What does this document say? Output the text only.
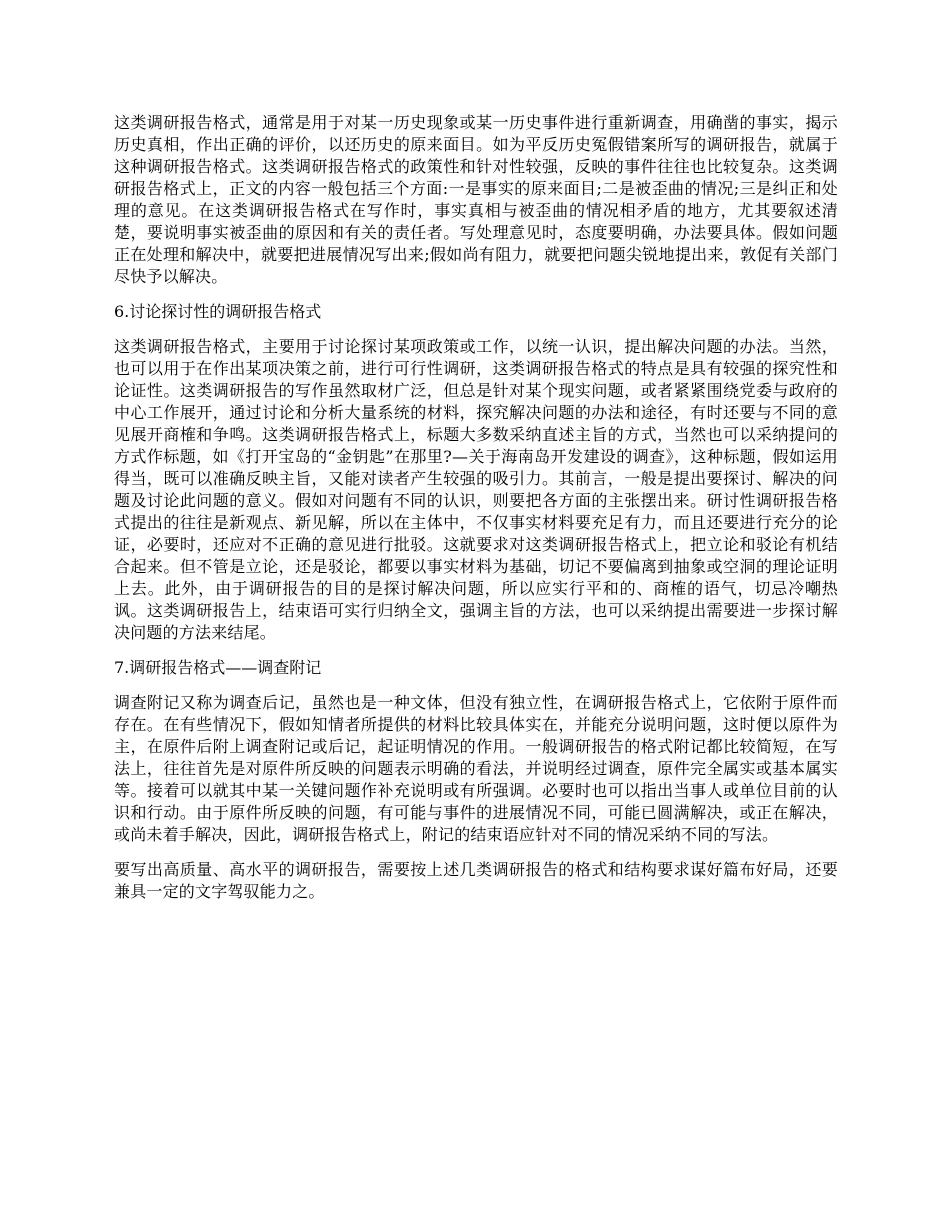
这类调研报告格式，通常是用于对某一历史现象或某一历史事件进行重新调查，用确凿的事实，揭示历史真相，作出正确的评价，以还历史的原来面目。如为平反历史冤假错案所写的调研报告，就属于这种调研报告格式。这类调研报告格式的政策性和针对性较强，反映的事件往往也比较复杂。这类调研报告格式上，正文的内容一般包括三个方面:一是事实的原来面目;二是被歪曲的情况;三是纠正和处理的意见。在这类调研报告格式在写作时，事实真相与被歪曲的情况相矛盾的地方，尤其要叙述清楚，要说明事实被歪曲的原因和有关的责任者。写处理意见时，态度要明确，办法要具体。假如问题正在处理和解决中，就要把进展情况写出来;假如尚有阻力，就要把问题尖锐地提出来，敦促有关部门尽快予以解决。

6.讨论探讨性的调研报告格式

这类调研报告格式，主要用于讨论探讨某项政策或工作，以统一认识，提出解决问题的办法。当然，也可以用于在作出某项决策之前，进行可行性调研，这类调研报告格式的特点是具有较强的探究性和论证性。这类调研报告的写作虽然取材广泛，但总是针对某个现实问题，或者紧紧围绕党委与政府的中心工作展开，通过讨论和分析大量系统的材料，探究解决问题的办法和途径，有时还要与不同的意见展开商榷和争鸣。这类调研报告格式上，标题大多数采纳直述主旨的方式，当然也可以采纳提问的方式作标题，如《打开宝岛的“金钥匙”在那里?—关于海南岛开发建设的调查》，这种标题，假如运用得当，既可以准确反映主旨，又能对读者产生较强的吸引力。其前言，一般是提出要探讨、解决的问题及讨论此问题的意义。假如对问题有不同的认识，则要把各方面的主张摆出来。研讨性调研报告格式提出的往往是新观点、新见解，所以在主体中，不仅事实材料要充足有力，而且还要进行充分的论证，必要时，还应对不正确的意见进行批驳。这就要求对这类调研报告格式上，把立论和驳论有机结合起来。但不管是立论，还是驳论，都要以事实材料为基础，切记不要偏离到抽象或空洞的理论证明上去。此外，由于调研报告的目的是探讨解决问题，所以应实行平和的、商榷的语气，切忌冷嘲热讽。这类调研报告上，结束语可实行归纳全文，强调主旨的方法，也可以采纳提出需要进一步探讨解决问题的方法来结尾。

7.调研报告格式——调查附记

调查附记又称为调查后记，虽然也是一种文体，但没有独立性，在调研报告格式上，它依附于原件而存在。在有些情况下，假如知情者所提供的材料比较具体实在，并能充分说明问题，这时便以原件为主，在原件后附上调查附记或后记，起证明情况的作用。一般调研报告的格式附记都比较简短，在写法上，往往首先是对原件所反映的问题表示明确的看法，并说明经过调查，原件完全属实或基本属实等。接着可以就其中某一关键问题作补充说明或有所强调。必要时也可以指出当事人或单位目前的认识和行动。由于原件所反映的问题，有可能与事件的进展情况不同，可能已圆满解决，或正在解决，或尚未着手解决，因此，调研报告格式上，附记的结束语应针对不同的情况采纳不同的写法。

要写出高质量、高水平的调研报告，需要按上述几类调研报告的格式和结构要求谋好篇布好局，还要兼具一定的文字驾驭能力之。
